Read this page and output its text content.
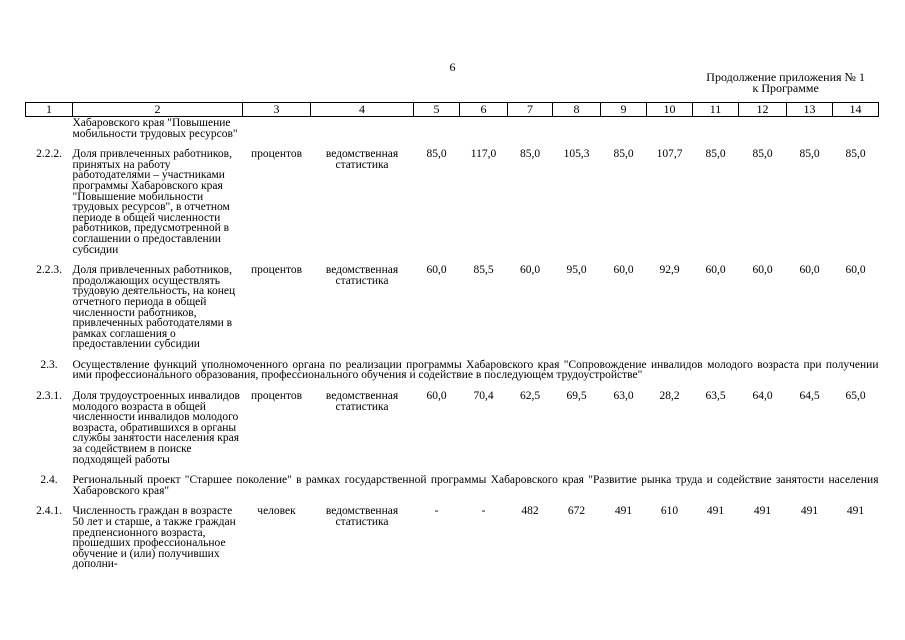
6
Продолжение приложения № 1
к Программе
1	2	3	4	5	6	7	8	9	10	11	12	13	14
	Хабаровского края "Повышение мобильности трудовых ресурсов"												

2.2.2.	Доля привлеченных работников, принятых на работу работодателями – участниками программы Хабаровского края "Повышение мобильности трудовых ресурсов", в отчетном периоде в общей численности работников, предусмотренной в соглашении о предоставлении субсидии	процентов	ведомственная статистика	85,0	117,0	85,0	105,3	85,0	107,7	85,0	85,0	85,0	85,0

2.2.3.	Доля привлеченных работников, продолжающих осуществлять трудовую деятельность, на конец отчетного периода в общей численности работников, привлеченных работодателями в рамках соглашения о предоставлении субсидии	процентов	ведомственная статистика	60,0	85,5	60,0	95,0	60,0	92,9	60,0	60,0	60,0	60,0

2.3.	Осуществление функций уполномоченного органа по реализации программы Хабаровского края "Сопровождение инвалидов молодого возраста при получении ими профессионального образования, профессионального обучения и содействие в последующем трудоустройстве"												

2.3.1.	Доля трудоустроенных инвалидов молодого возраста в общей численности инвалидов молодого возраста, обратившихся в органы службы занятости населения края за содействием в поиске подходящей работы	процентов	ведомственная статистика	60,0	70,4	62,5	69,5	63,0	28,2	63,5	64,0	64,5	65,0

2.4.	Региональный проект "Старшее поколение" в рамках государственной программы Хабаровского края "Развитие рынка труда и содействие занятости населения Хабаровского края"												

2.4.1.	Численность граждан в возрасте 50 лет и старше, а также граждан предпенсионного возраста, прошедших профессиональное обучение и (или) получивших дополни-	человек	ведомственная статистика	-	-	482	672	491	610	491	491	491	491
